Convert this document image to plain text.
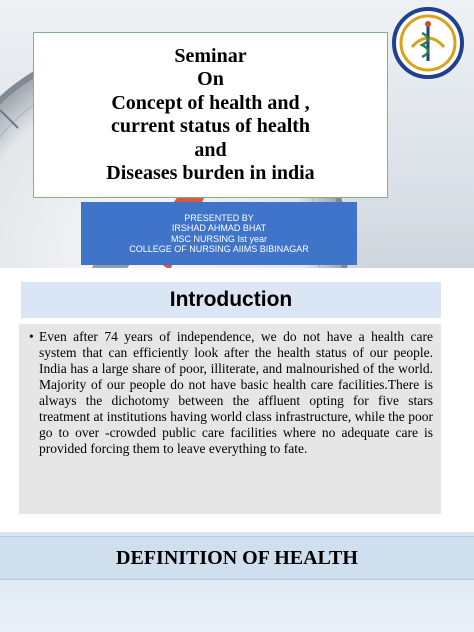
Seminar
On
Concept of health and ,
current status of health
and
Diseases burden in india
PRESENTED BY
IRSHAD AHMAD BHAT
MSC NURSING Ist year
COLLEGE OF NURSING AIIMS BIBINAGAR
Introduction
• Even after 74 years of independence, we do not have a health care system that can efficiently look after the health status of our people. India has a large share of poor, illiterate, and malnourished of the world. Majority of our people do not have basic health care facilities.There is always the dichotomy between the affluent opting for five stars treatment at institutions having world class infrastructure, while the poor go to over -crowded public care facilities where no adequate care is provided forcing them to leave everything to fate.
DEFINITION OF HEALTH
